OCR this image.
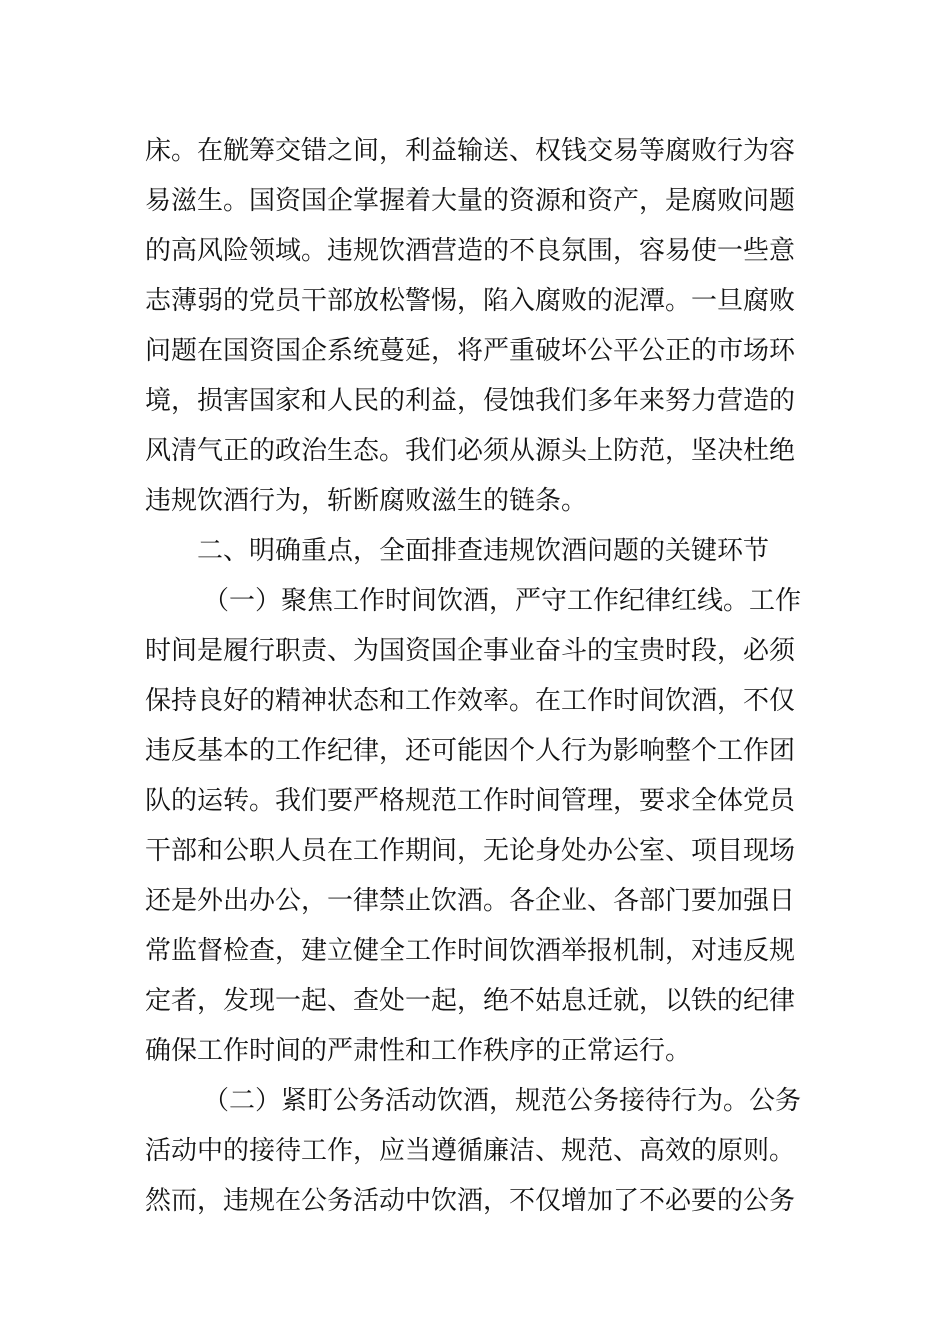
床。在觥筹交错之间，利益输送、权钱交易等腐败行为容
易滋生。国资国企掌握着大量的资源和资产，是腐败问题
的高风险领域。违规饮酒营造的不良氛围，容易使一些意
志薄弱的党员干部放松警惕，陷入腐败的泥潭。一旦腐败
问题在国资国企系统蔓延，将严重破坏公平公正的市场环
境，损害国家和人民的利益，侵蚀我们多年来努力营造的
风清气正的政治生态。我们必须从源头上防范，坚决杜绝
违规饮酒行为，斩断腐败滋生的链条。
二、明确重点，全面排查违规饮酒问题的关键环节
（一）聚焦工作时间饮酒，严守工作纪律红线。工作
时间是履行职责、为国资国企事业奋斗的宝贵时段，必须
保持良好的精神状态和工作效率。在工作时间饮酒，不仅
违反基本的工作纪律，还可能因个人行为影响整个工作团
队的运转。我们要严格规范工作时间管理，要求全体党员
干部和公职人员在工作期间，无论身处办公室、项目现场
还是外出办公，一律禁止饮酒。各企业、各部门要加强日
常监督检查，建立健全工作时间饮酒举报机制，对违反规
定者，发现一起、查处一起，绝不姑息迁就，以铁的纪律
确保工作时间的严肃性和工作秩序的正常运行。
（二）紧盯公务活动饮酒，规范公务接待行为。公务
活动中的接待工作，应当遵循廉洁、规范、高效的原则。
然而，违规在公务活动中饮酒，不仅增加了不必要的公务
